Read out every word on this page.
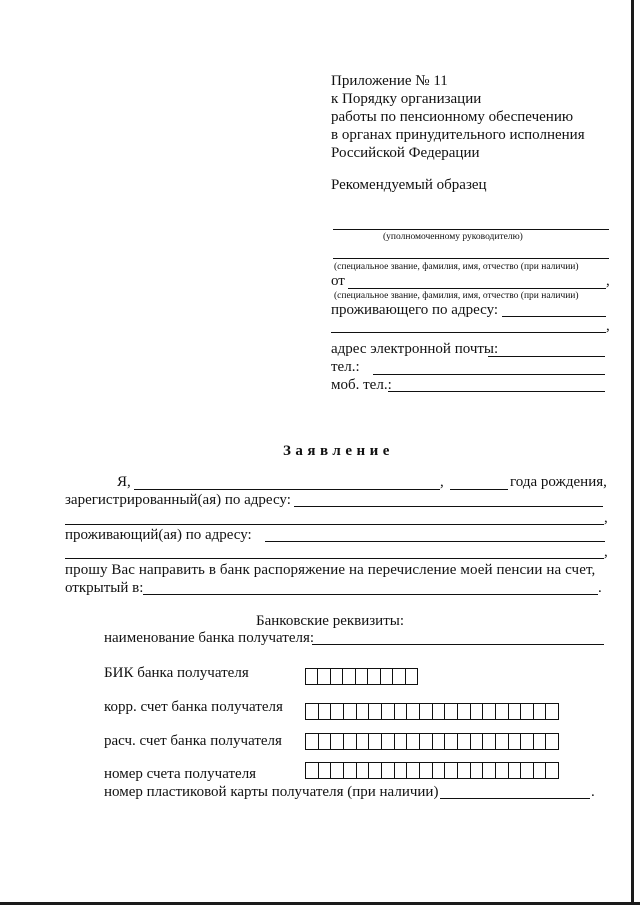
Приложение № 11
к Порядку организации
работы по пенсионному обеспечению
в органах принудительного исполнения
Российской Федерации
Рекомендуемый образец
(уполномоченному руководителю)
(специальное звание, фамилия, имя, отчество (при наличии)
от	,
(специальное звание, фамилия, имя, отчество (при наличии)
проживающего по адресу:
,
адрес электронной почты:
тел.:
моб. тел.:
Заявление
Я,	,	года рождения,
зарегистрированный(ая) по адресу:
,
проживающий(ая) по адресу:
,
прошу Вас направить в банк распоряжение на перечисление моей пенсии на счет,
открытый в:	.
Банковские реквизиты:
наименование банка получателя:
БИК банка получателя
корр. счет банка получателя
расч. счет банка получателя
номер счета получателя
номер пластиковой карты получателя (при наличии)	.
